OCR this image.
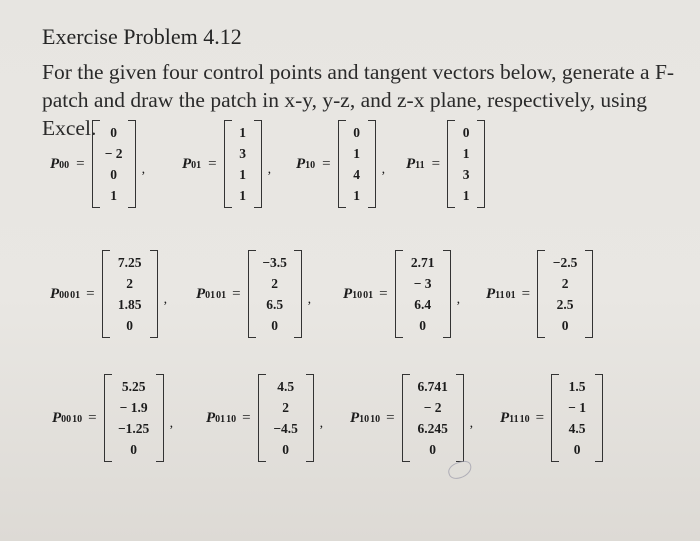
Exercise Problem 4.12
For the given four control points and tangent vectors below, generate a F-patch and draw the patch in x-y, y-z, and z-x plane, respectively, using Excel.
P 00 =
0
− 2
0
1
, P 01 =
1
3
1
1
, P 10 =
0
1
4
1
, P 11 =
0
1
3
1
P 00 01 =
7.25
2
1.85
0
, P 01 01 =
−3.5
2
6.5
0
, P 10 01 =
2.71
− 3
6.4
0
, P 11 01 =
−2.5
2
2.5
0
P 00 10 =
5.25
− 1.9
−1.25
0
, P 01 10 =
4.5
2
−4.5
0
, P 10 10 =
6.741
− 2
6.245
0
, P 11 10 =
1.5
− 1
4.5
0
